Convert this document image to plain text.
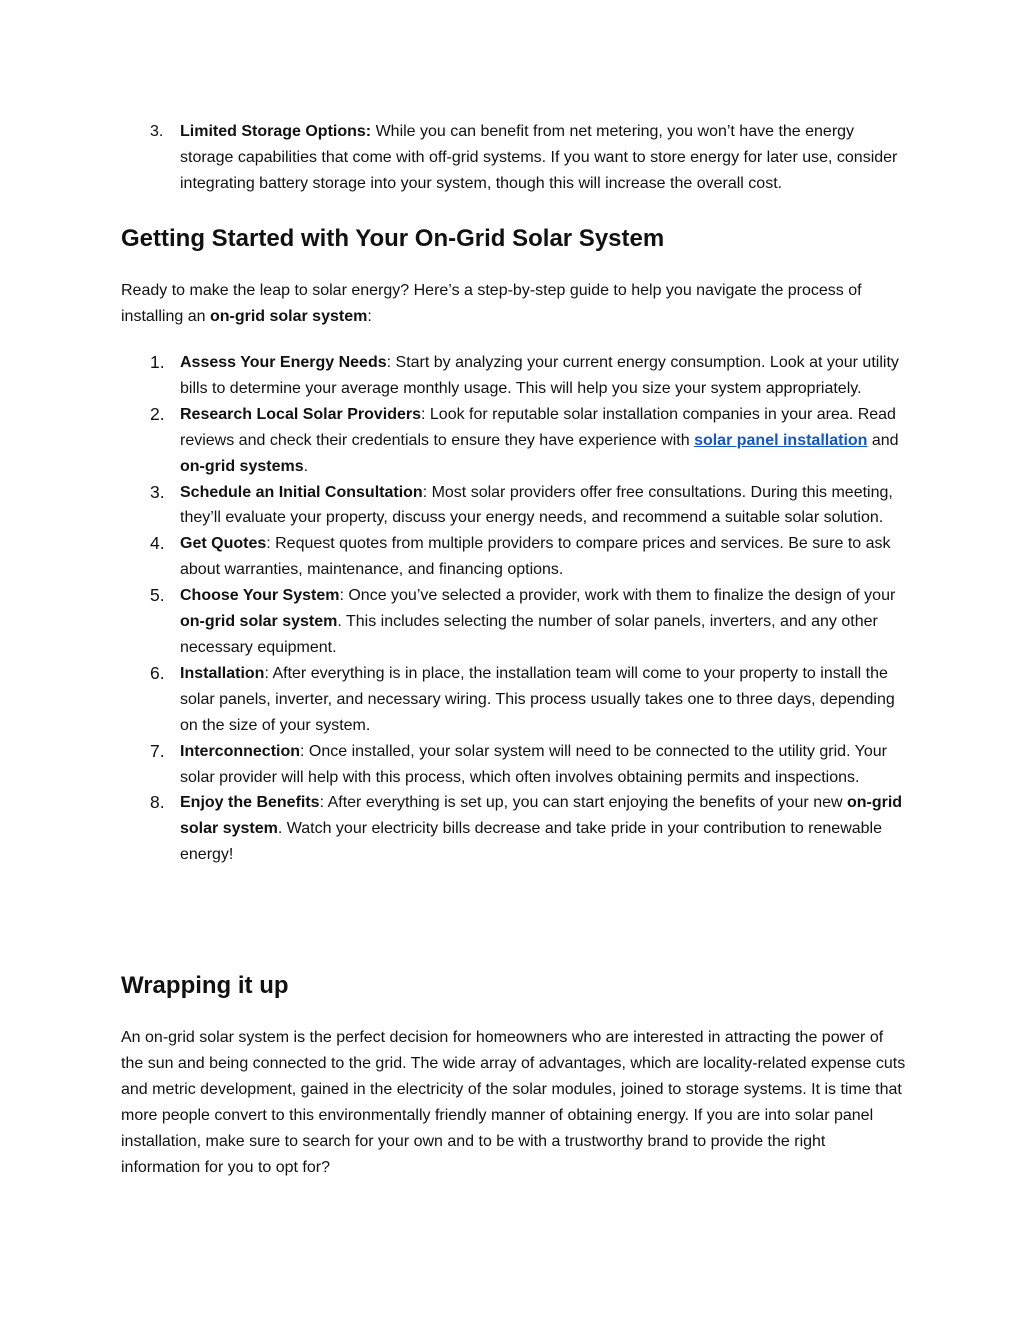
3. Limited Storage Options: While you can benefit from net metering, you won’t have the energy storage capabilities that come with off-grid systems. If you want to store energy for later use, consider integrating battery storage into your system, though this will increase the overall cost.
Getting Started with Your On-Grid Solar System

Ready to make the leap to solar energy? Here’s a step-by-step guide to help you navigate the process of installing an on-grid solar system:

1. Assess Your Energy Needs: Start by analyzing your current energy consumption. Look at your utility bills to determine your average monthly usage. This will help you size your system appropriately.
2. Research Local Solar Providers: Look for reputable solar installation companies in your area. Read reviews and check their credentials to ensure they have experience with solar panel installation and on-grid systems.
3. Schedule an Initial Consultation: Most solar providers offer free consultations. During this meeting, they’ll evaluate your property, discuss your energy needs, and recommend a suitable solar solution.
4. Get Quotes: Request quotes from multiple providers to compare prices and services. Be sure to ask about warranties, maintenance, and financing options.
5. Choose Your System: Once you’ve selected a provider, work with them to finalize the design of your on-grid solar system. This includes selecting the number of solar panels, inverters, and any other necessary equipment.
6. Installation: After everything is in place, the installation team will come to your property to install the solar panels, inverter, and necessary wiring. This process usually takes one to three days, depending on the size of your system.
7. Interconnection: Once installed, your solar system will need to be connected to the utility grid. Your solar provider will help with this process, which often involves obtaining permits and inspections.
8. Enjoy the Benefits: After everything is set up, you can start enjoying the benefits of your new on-grid solar system. Watch your electricity bills decrease and take pride in your contribution to renewable energy!
Wrapping it up

An on-grid solar system is the perfect decision for homeowners who are interested in attracting the power of the sun and being connected to the grid. The wide array of advantages, which are locality-related expense cuts and metric development, gained in the electricity of the solar modules, joined to storage systems. It is time that more people convert to this environmentally friendly manner of obtaining energy. If you are into solar panel installation, make sure to search for your own and to be with a trustworthy brand to provide the right information for you to opt for?
